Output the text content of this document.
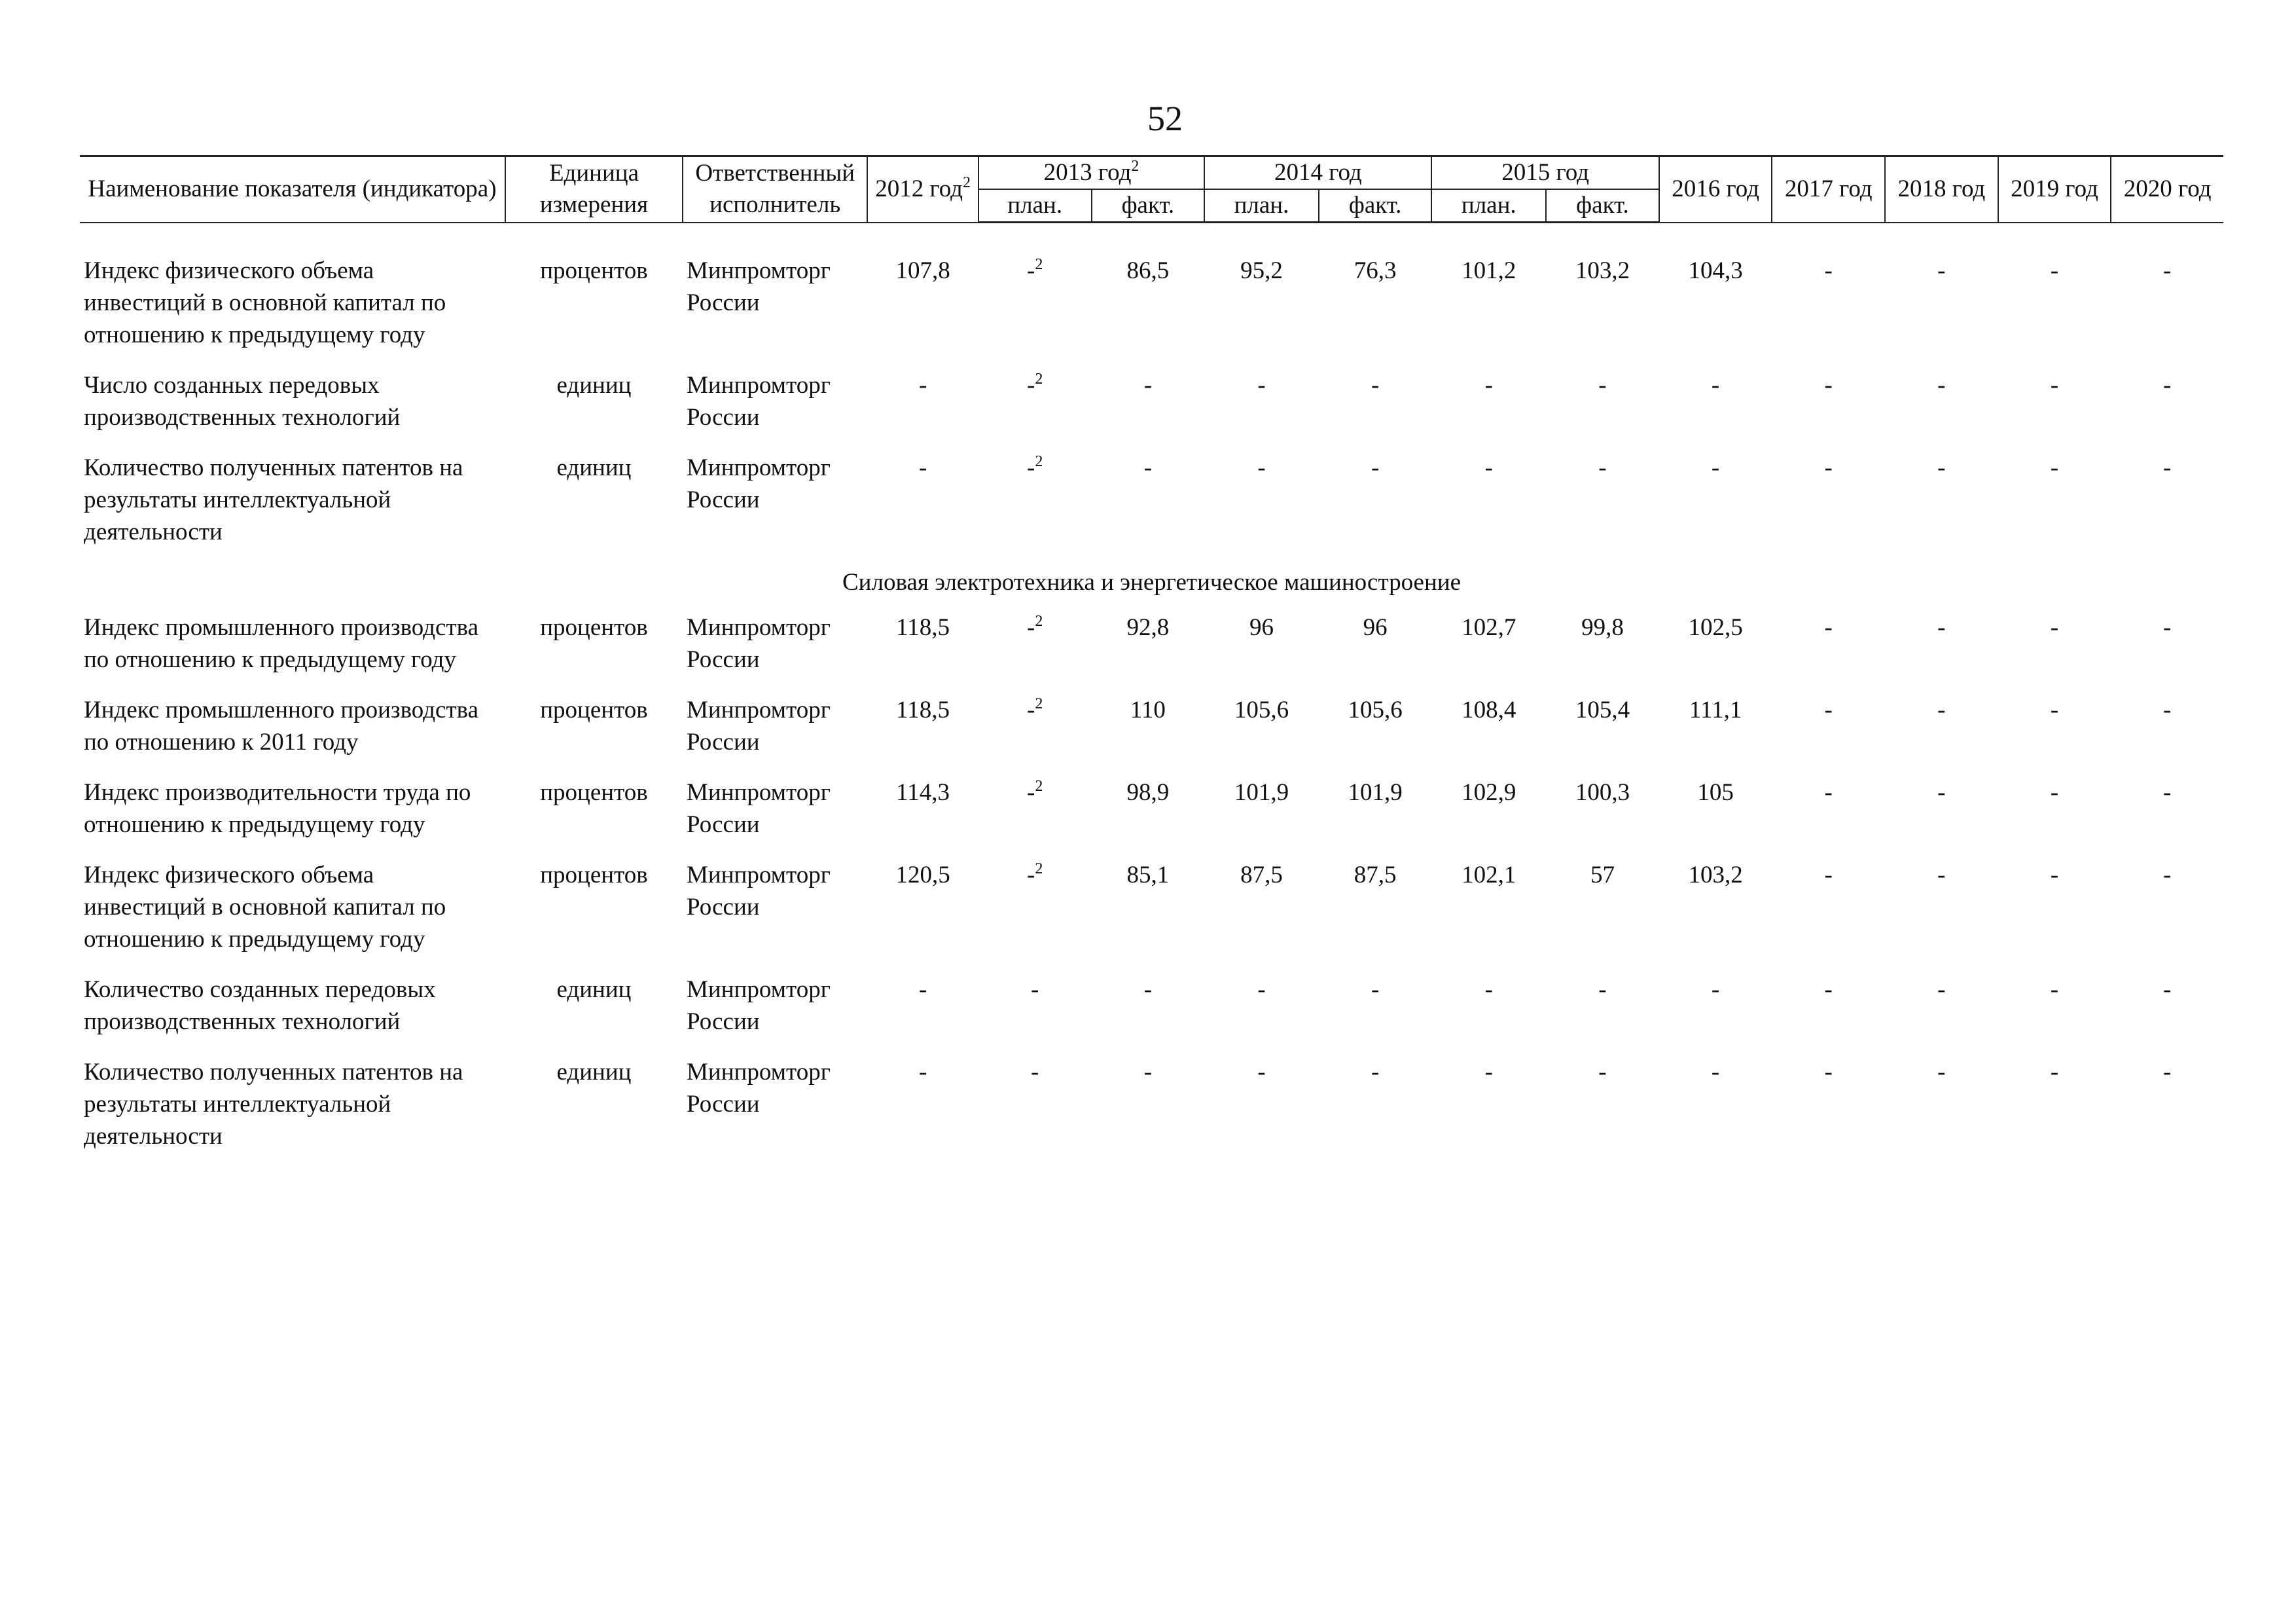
52
Наименование показателя (индикатора)	Единица измерения	Ответственный исполнитель	2012 год$^2$	2013 год$^2$		2014 год		2015 год		2016 год	2017 год	2018 год	2019 год	2020 год
				план.	факт.	план.	факт.	план.	факт.					

Индекс физического объема инвестиций в основной капитал по отношению к предыдущему году	процентов	Минпромторг России	107,8	-$^2$	86,5	95,2	76,3	101,2	103,2	104,3	-	-	-	-
Число созданных передовых производственных технологий	единиц	Минпромторг России	-	-$^2$	-	-	-	-	-	-	-	-	-	-
Количество полученных патентов на результаты интеллектуальной деятельности	единиц	Минпромторг России	-	-$^2$	-	-	-	-	-	-	-	-	-	-
Силовая электротехника и энергетическое машиностроение														
Индекс промышленного производства по отношению к предыдущему году	процентов	Минпромторг России	118,5	-$^2$	92,8	96	96	102,7	99,8	102,5	-	-	-	-
Индекс промышленного производства по отношению к 2011 году	процентов	Минпромторг России	118,5	-$^2$	110	105,6	105,6	108,4	105,4	111,1	-	-	-	-
Индекс производительности труда по отношению к предыдущему году	процентов	Минпромторг России	114,3	-$^2$	98,9	101,9	101,9	102,9	100,3	105	-	-	-	-
Индекс физического объема инвестиций в основной капитал по отношению к предыдущему году	процентов	Минпромторг России	120,5	-$^2$	85,1	87,5	87,5	102,1	57	103,2	-	-	-	-
Количество созданных передовых производственных технологий	единиц	Минпромторг России	-	-	-	-	-	-	-	-	-	-	-	-
Количество полученных патентов на результаты интеллектуальной деятельности	единиц	Минпромторг России	-	-	-	-	-	-	-	-	-	-	-	-
